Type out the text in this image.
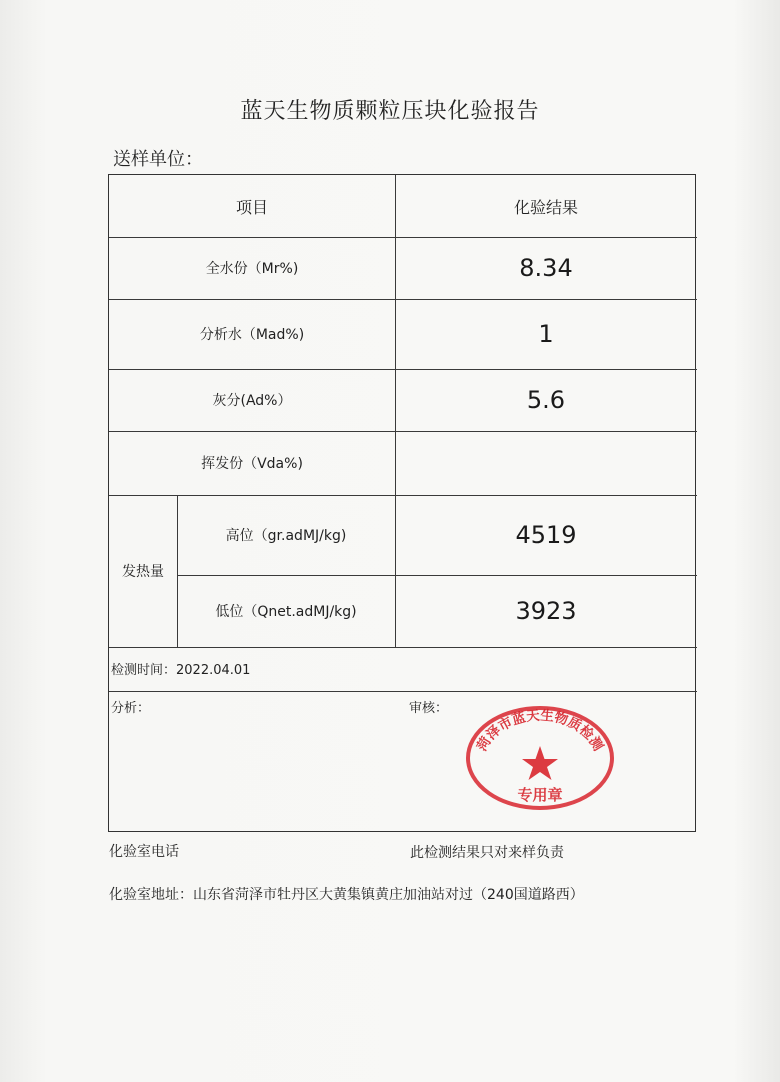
蓝天生物质颗粒压块化验报告
送样单位：
项目	化验结果
全水份（Mr%)	8.34
分析水（Mad%)	1
灰分(Ad%）	5.6
挥发份（Vda%)
发热量
高位（gr.adMJ/kg)	4519
低位（Qnet.adMJ/kg)	3923
检测时间：2022.04.01
分析：	审核：
菏泽市蓝天生物质检测
专用章
化验室电话	此检测结果只对来样负责
化验室地址：山东省菏泽市牡丹区大黄集镇黄庄加油站对过（240国道路西）
